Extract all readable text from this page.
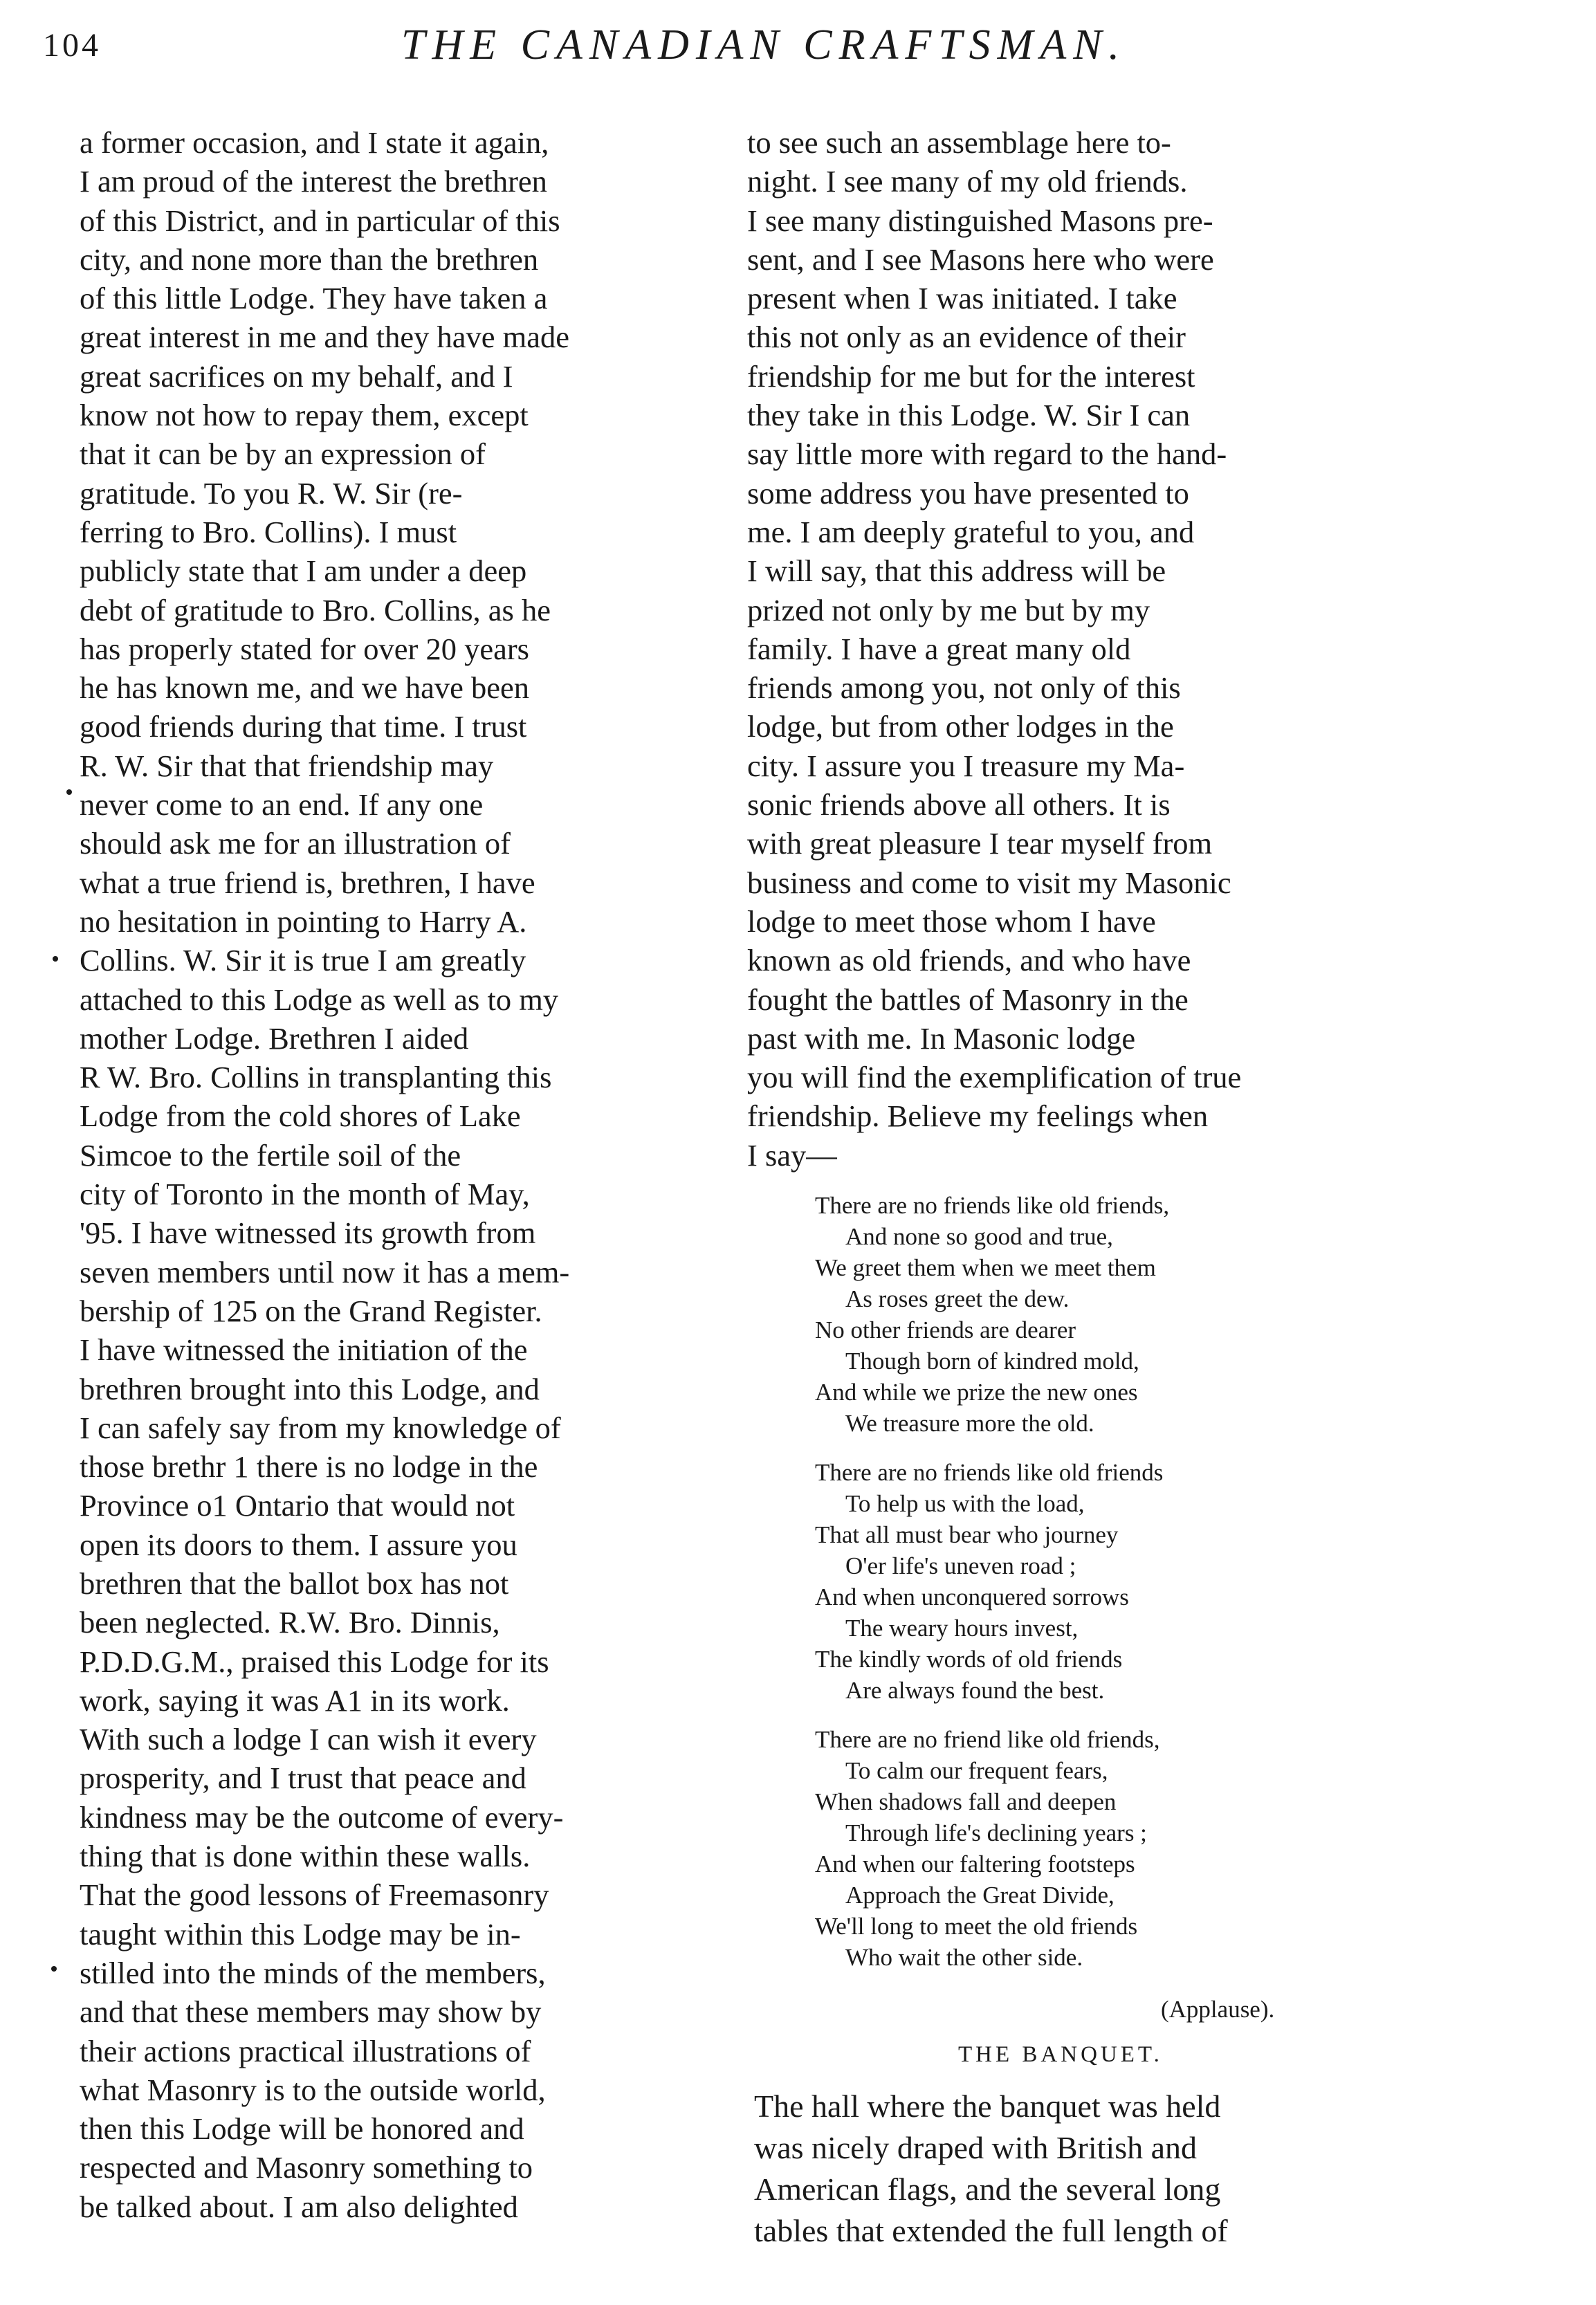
104	THE CANADIAN CRAFTSMAN.
a former occasion, and I state it again,
I am proud of the interest the brethren
of this District, and in particular of this
city, and none more than the brethren
of this little Lodge. They have taken a
great interest in me and they have made
great sacrifices on my behalf, and I
know not how to repay them, except
that it can be by an expression of
gratitude. To you R. W. Sir (re-
ferring to Bro. Collins). I must
publicly state that I am under a deep
debt of gratitude to Bro. Collins, as he
has properly stated for over 20 years
he has known me, and we have been
good friends during that time. I trust
R. W. Sir that that friendship may
never come to an end. If any one
should ask me for an illustration of
what a true friend is, brethren, I have
no hesitation in pointing to Harry A.
Collins. W. Sir it is true I am greatly
attached to this Lodge as well as to my
mother Lodge. Brethren I aided
R W. Bro. Collins in transplanting this
Lodge from the cold shores of Lake
Simcoe to the fertile soil of the
city of Toronto in the month of May,
'95. I have witnessed its growth from
seven members until now it has a mem-
bership of 125 on the Grand Register.
I have witnessed the initiation of the
brethren brought into this Lodge, and
I can safely say from my knowledge of
those brethr 1 there is no lodge in the
Province o1 Ontario that would not
open its doors to them. I assure you
brethren that the ballot box has not
been neglected. R.W. Bro. Dinnis,
P.D.D.G.M., praised this Lodge for its
work, saying it was A1 in its work.
With such a lodge I can wish it every
prosperity, and I trust that peace and
kindness may be the outcome of every-
thing that is done within these walls.
That the good lessons of Freemasonry
taught within this Lodge may be in-
stilled into the minds of the members,
and that these members may show by
their actions practical illustrations of
what Masonry is to the outside world,
then this Lodge will be honored and
respected and Masonry something to
be talked about. I am also delighted
to see such an assemblage here to-
night. I see many of my old friends.
I see many distinguished Masons pre-
sent, and I see Masons here who were
present when I was initiated. I take
this not only as an evidence of their
friendship for me but for the interest
they take in this Lodge. W. Sir I can
say little more with regard to the hand-
some address you have presented to
me. I am deeply grateful to you, and
I will say, that this address will be
prized not only by me but by my
family. I have a great many old
friends among you, not only of this
lodge, but from other lodges in the
city. I assure you I treasure my Ma-
sonic friends above all others. It is
with great pleasure I tear myself from
business and come to visit my Masonic
lodge to meet those whom I have
known as old friends, and who have
fought the battles of Masonry in the
past with me. In Masonic lodge
you will find the exemplification of true
friendship. Believe my feelings when
I say—
There are no friends like old friends,
And none so good and true,
We greet them when we meet them
As roses greet the dew.
No other friends are dearer
Though born of kindred mold,
And while we prize the new ones
We treasure more the old.
There are no friends like old friends
To help us with the load,
That all must bear who journey
O'er life's uneven road ;
And when unconquered sorrows
The weary hours invest,
The kindly words of old friends
Are always found the best.
There are no friend like old friends,
To calm our frequent fears,
When shadows fall and deepen
Through life's declining years ;
And when our faltering footsteps
Approach the Great Divide,
We'll long to meet the old friends
Who wait the other side.
(Applause).
THE BANQUET.
The hall where the banquet was held
was nicely draped with British and
American flags, and the several long
tables that extended the full length of
